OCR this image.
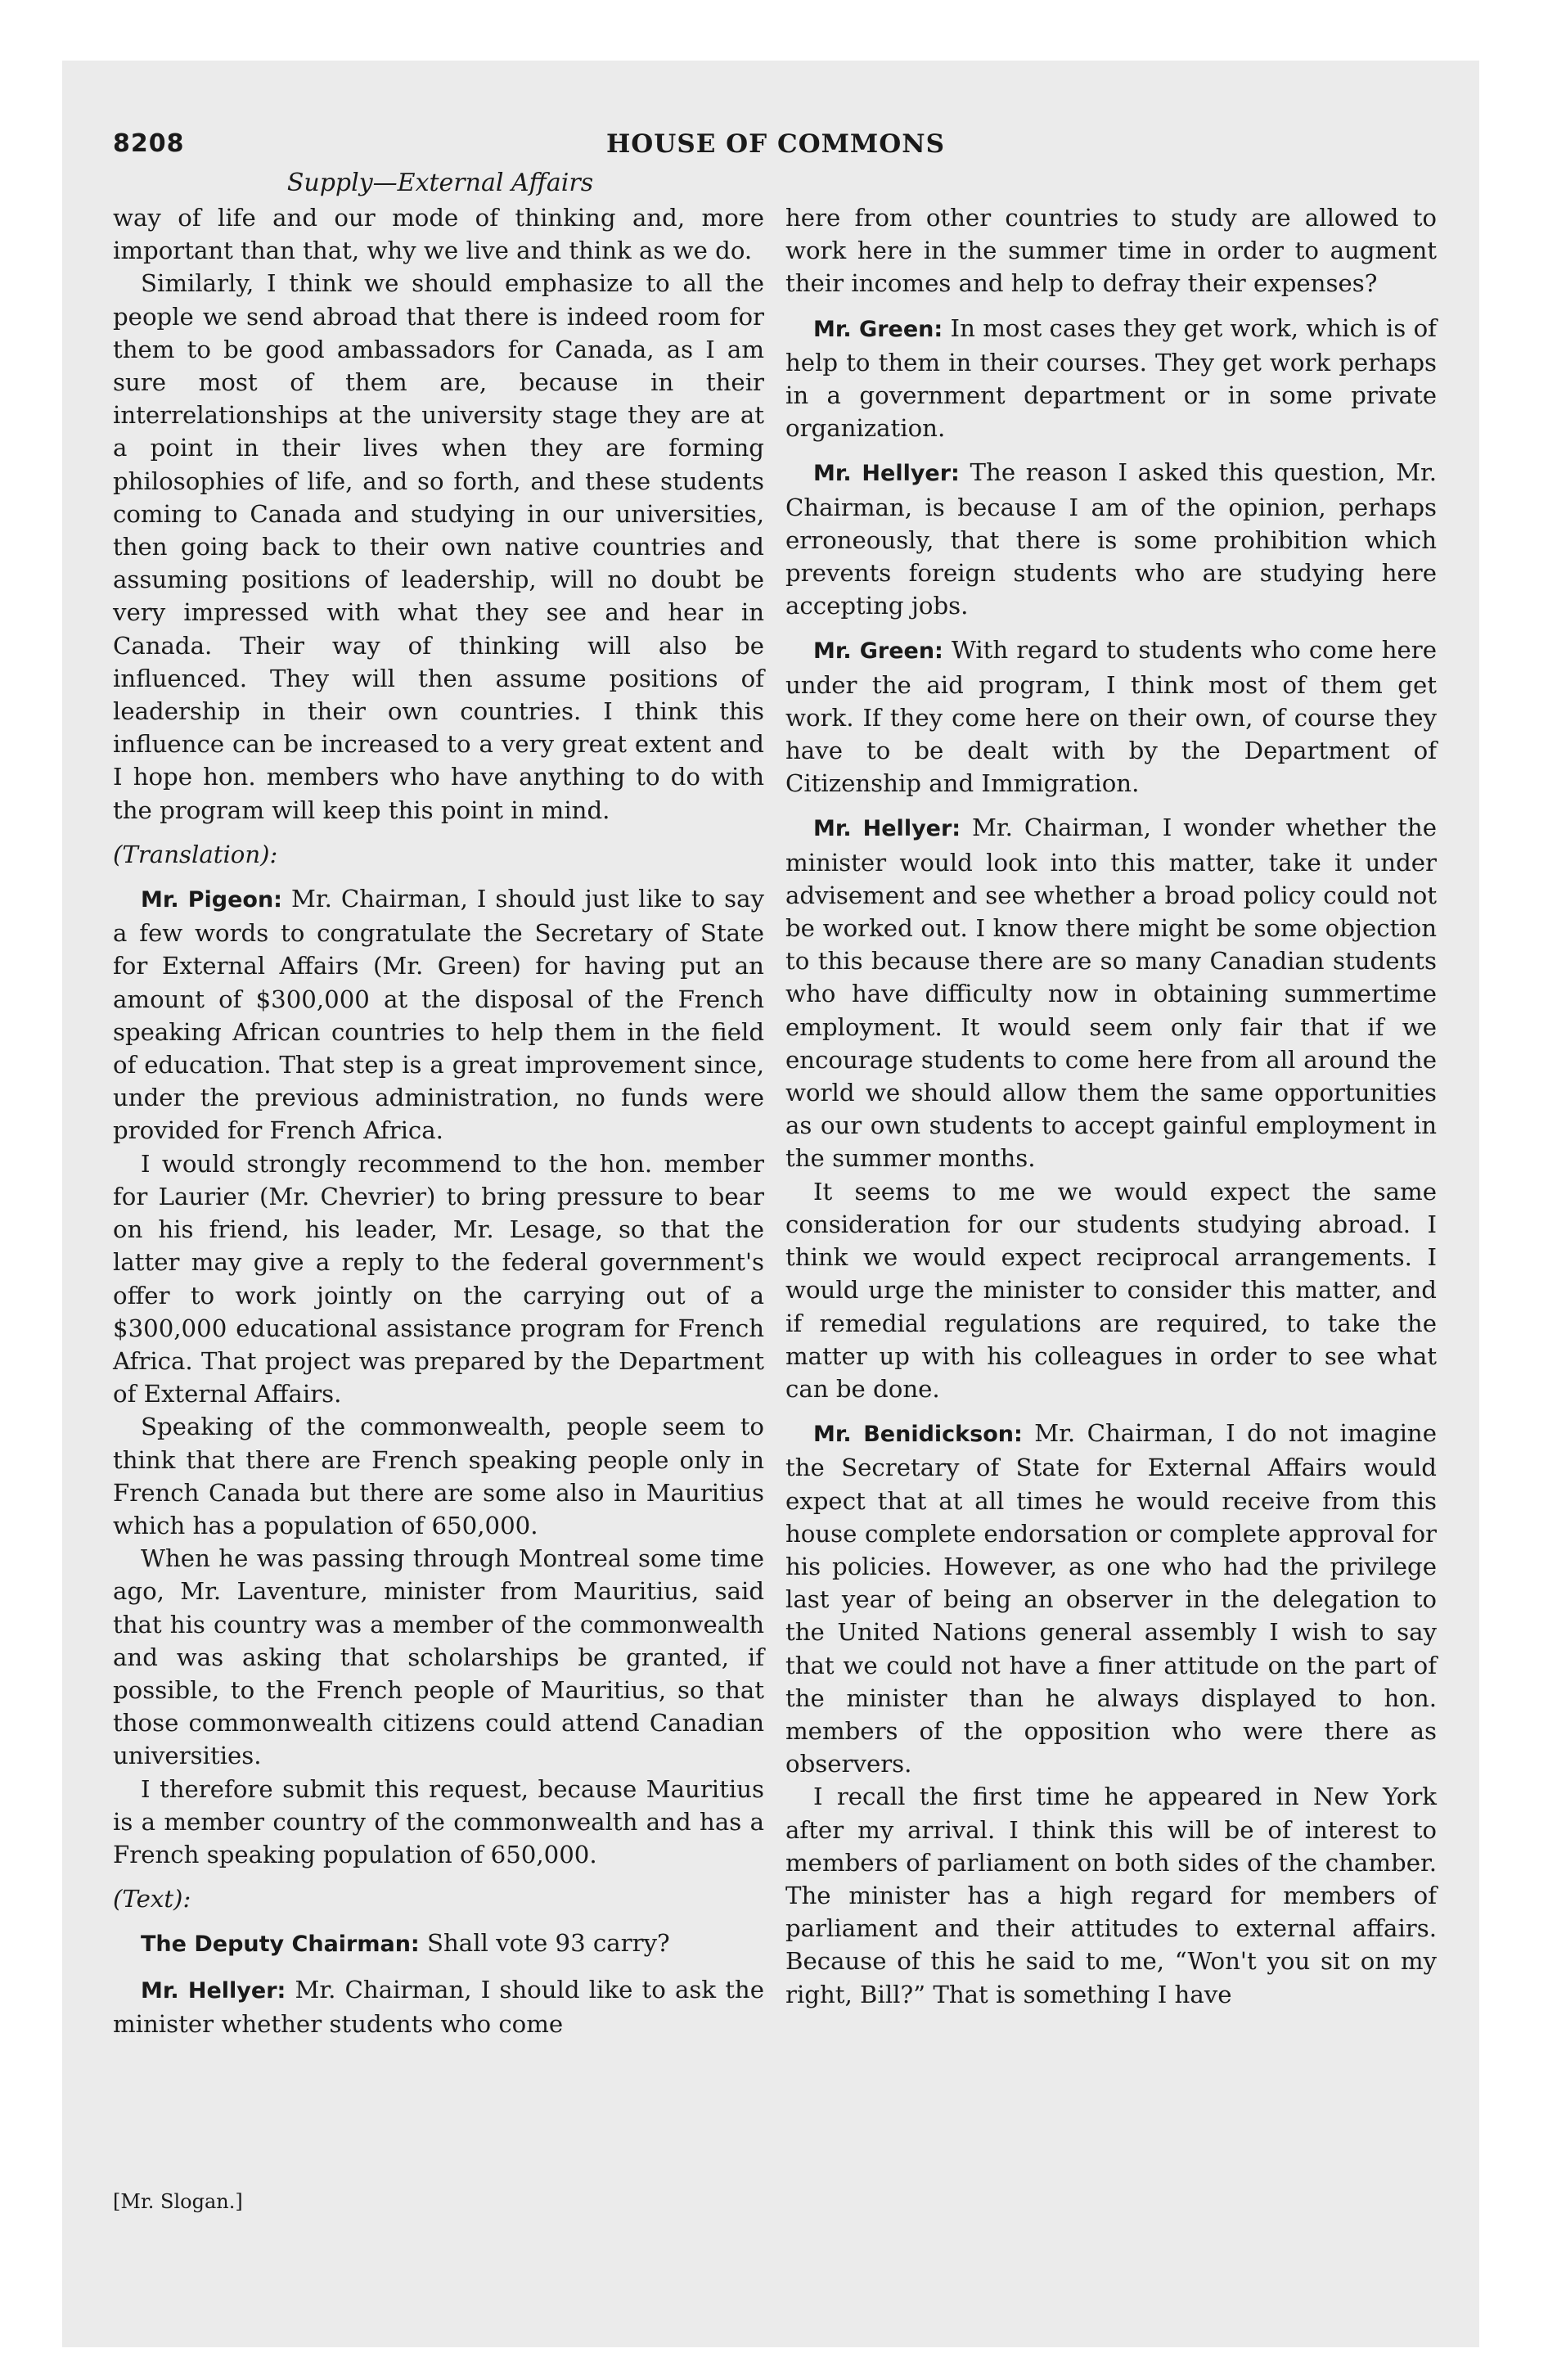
8208	HOUSE OF COMMONS
Supply—External Affairs

way of life and our mode of thinking and, more important than that, why we live and think as we do.

Similarly, I think we should emphasize to all the people we send abroad that there is indeed room for them to be good ambassadors for Canada, as I am sure most of them are, because in their interrelationships at the university stage they are at a point in their lives when they are forming philosophies of life, and so forth, and these students coming to Canada and studying in our universities, then going back to their own native countries and assuming positions of leadership, will no doubt be very impressed with what they see and hear in Canada. Their way of thinking will also be influenced. They will then assume positions of leadership in their own countries. I think this influence can be increased to a very great extent and I hope hon. members who have anything to do with the program will keep this point in mind.

(Translation):

Mr. Pigeon: Mr. Chairman, I should just like to say a few words to congratulate the Secretary of State for External Affairs (Mr. Green) for having put an amount of $300,000 at the disposal of the French speaking African countries to help them in the field of education. That step is a great improvement since, under the previous administration, no funds were provided for French Africa.

I would strongly recommend to the hon. member for Laurier (Mr. Chevrier) to bring pressure to bear on his friend, his leader, Mr. Lesage, so that the latter may give a reply to the federal government's offer to work jointly on the carrying out of a $300,000 educational assistance program for French Africa. That project was prepared by the Department of External Affairs.

Speaking of the commonwealth, people seem to think that there are French speaking people only in French Canada but there are some also in Mauritius which has a population of 650,000.

When he was passing through Montreal some time ago, Mr. Laventure, minister from Mauritius, said that his country was a member of the commonwealth and was asking that scholarships be granted, if possible, to the French people of Mauritius, so that those commonwealth citizens could attend Canadian universities.

I therefore submit this request, because Mauritius is a member country of the commonwealth and has a French speaking population of 650,000.

(Text):

The Deputy Chairman: Shall vote 93 carry?

Mr. Hellyer: Mr. Chairman, I should like to ask the minister whether students who come

here from other countries to study are allowed to work here in the summer time in order to augment their incomes and help to defray their expenses?

Mr. Green: In most cases they get work, which is of help to them in their courses. They get work perhaps in a government department or in some private organization.

Mr. Hellyer: The reason I asked this question, Mr. Chairman, is because I am of the opinion, perhaps erroneously, that there is some prohibition which prevents foreign students who are studying here accepting jobs.

Mr. Green: With regard to students who come here under the aid program, I think most of them get work. If they come here on their own, of course they have to be dealt with by the Department of Citizenship and Immigration.

Mr. Hellyer: Mr. Chairman, I wonder whether the minister would look into this matter, take it under advisement and see whether a broad policy could not be worked out. I know there might be some objection to this because there are so many Canadian students who have difficulty now in obtaining summertime employment. It would seem only fair that if we encourage students to come here from all around the world we should allow them the same opportunities as our own students to accept gainful employment in the summer months.

It seems to me we would expect the same consideration for our students studying abroad. I think we would expect reciprocal arrangements. I would urge the minister to consider this matter, and if remedial regulations are required, to take the matter up with his colleagues in order to see what can be done.

Mr. Benidickson: Mr. Chairman, I do not imagine the Secretary of State for External Affairs would expect that at all times he would receive from this house complete endorsation or complete approval for his policies. However, as one who had the privilege last year of being an observer in the delegation to the United Nations general assembly I wish to say that we could not have a finer attitude on the part of the minister than he always displayed to hon. members of the opposition who were there as observers.

I recall the first time he appeared in New York after my arrival. I think this will be of interest to members of parliament on both sides of the chamber. The minister has a high regard for members of parliament and their attitudes to external affairs. Because of this he said to me, “Won't you sit on my right, Bill?” That is something I have

[Mr. Slogan.]
